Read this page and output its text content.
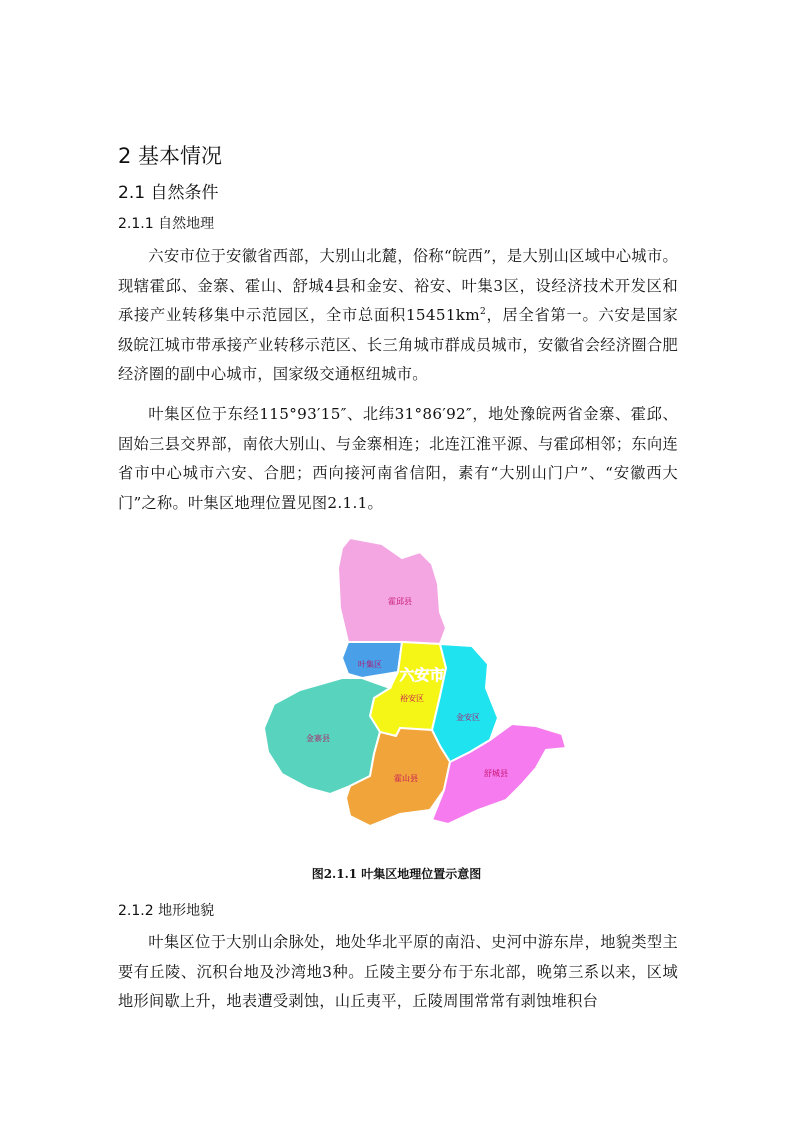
2 基本情况
2.1 自然条件
2.1.1 自然地理

六安市位于安徽省西部，大别山北麓，俗称“皖西”，是大别山区域中心城市。现辖霍邱、金寨、霍山、舒城4县和金安、裕安、叶集3区，设经济技术开发区和承接产业转移集中示范园区，全市总面积$15451km^2$，居全省第一。六安是国家级皖江城市带承接产业转移示范区、长三角城市群成员城市，安徽省会经济圈合肥经济圈的副中心城市，国家级交通枢纽城市。

叶集区位于东经115°93′15″、北纬31°86′92″，地处豫皖两省金寨、霍邱、固始三县交界部，南依大别山、与金寨相连；北连江淮平源、与霍邱相邻；东向连省市中心城市六安、合肥；西向接河南省信阳，素有“大别山门户”、“安徽西大门”之称。叶集区地理位置见图2.1.1。

六安市
霍邱县
叶集区
裕安区
金安区
金寨县
霍山县
舒城县
图2.1.1 叶集区地理位置示意图
2.1.2 地形地貌

叶集区位于大别山余脉处，地处华北平原的南沿、史河中游东岸，地貌类型主要有丘陵、沉积台地及沙湾地3种。丘陵主要分布于东北部，晚第三系以来，区域地形间歇上升，地表遭受剥蚀，山丘夷平，丘陵周围常常有剥蚀堆积台
